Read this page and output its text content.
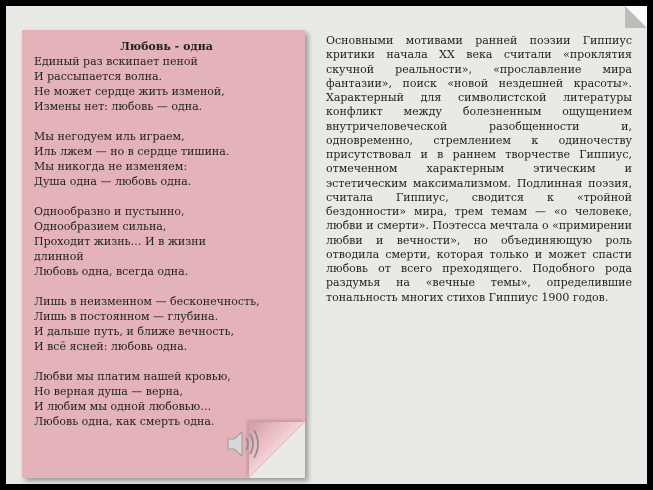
Любовь - одна
Единый раз вскипает пеной
И рассыпается волна.
Не может сердце жить изменой,
Измены нет: любовь — одна.
Мы негодуем иль играем,
Иль лжем — но в сердце тишина.
Мы никогда не изменяем:
Душа одна — любовь одна.
Однообразно и пустынно,
Однообразием сильна,
Проходит жизнь… И в жизни
длинной
Любовь одна, всегда одна.
Лишь в неизменном — бесконечность,
Лишь в постоянном — глубина.
И дальше путь, и ближе вечность,
И всё ясней: любовь одна.
Любви мы платим нашей кровью,
Но верная душа — верна,
И любим мы одной любовью…
Любовь одна, как смерть одна.
Основными мотивами ранней поэзии Гиппиус критики начала XX века считали «проклятия скучной реальности», «прославление мира фантазии», поиск «новой нездешней красоты». Характерный для символистской литературы конфликт между болезненным ощущением внутричеловеческой разобщенности и, одновременно, стремлением к одиночеству присутствовал и в раннем творчестве Гиппиус, отмеченном характерным этическим и эстетическим максимализмом. Подлинная поэзия, считала Гиппиус, сводится к «тройной бездонности» мира, трем темам — «о человеке, любви и смерти». Поэтесса мечтала о «примирении любви и вечности», но объединяющую роль отводила смерти, которая только и может спасти любовь от всего преходящего. Подобного рода раздумья на «вечные темы», определившие тональность многих стихов Гиппиус 1900 годов.
